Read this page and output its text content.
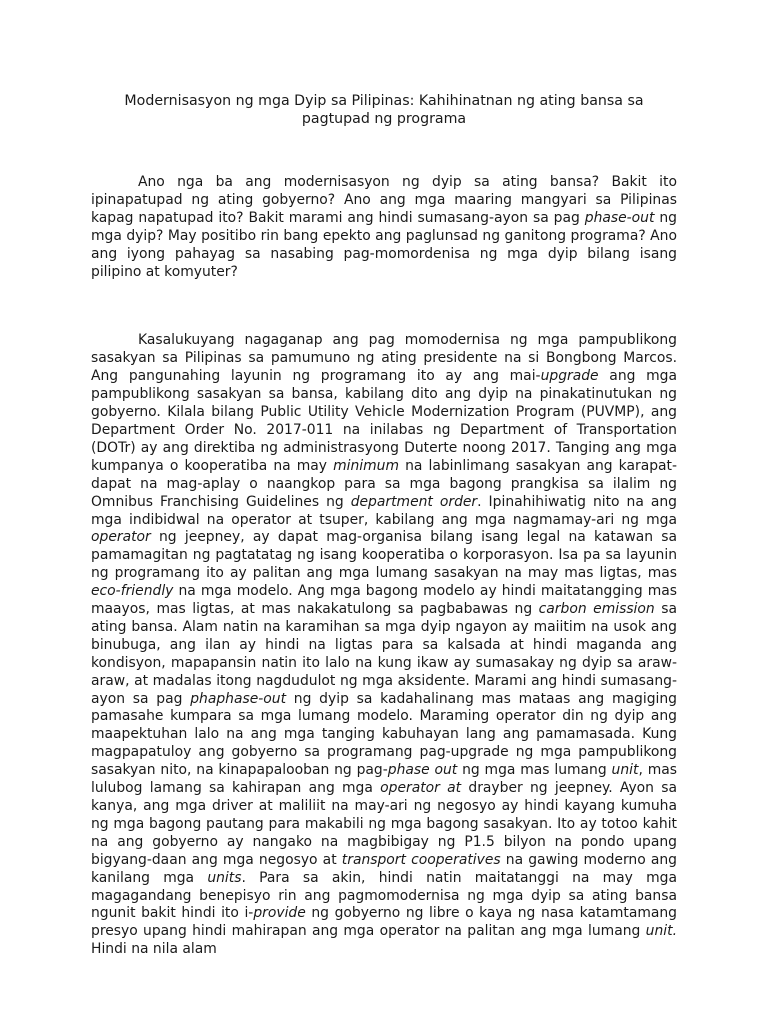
Modernisasyon ng mga Dyip sa Pilipinas: Kahihinatnan ng ating bansa sa pagtupad ng programa

Ano nga ba ang modernisasyon ng dyip sa ating bansa? Bakit ito ipinapatupad ng ating gobyerno? Ano ang mga maaring mangyari sa Pilipinas kapag napatupad ito? Bakit marami ang hindi sumasang-ayon sa pag phase-out ng mga dyip? May positibo rin bang epekto ang paglunsad ng ganitong programa? Ano ang iyong pahayag sa nasabing pag-momordenisa ng mga dyip bilang isang pilipino at komyuter?

Kasalukuyang nagaganap ang pag momodernisa ng mga pampublikong sasakyan sa Pilipinas sa pamumuno ng ating presidente na si Bongbong Marcos. Ang pangunahing layunin ng programang ito ay ang mai-upgrade ang mga pampublikong sasakyan sa bansa, kabilang dito ang dyip na pinakatinutukan ng gobyerno. Kilala bilang Public Utility Vehicle Modernization Program (PUVMP), ang Department Order No. 2017-011 na inilabas ng Department of Transportation (DOTr) ay ang direktiba ng administrasyong Duterte noong 2017. Tanging ang mga kumpanya o kooperatiba na may minimum na labinlimang sasakyan ang karapat-dapat na mag-aplay o naangkop para sa mga bagong prangkisa sa ilalim ng Omnibus Franchising Guidelines ng department order. Ipinahihiwatig nito na ang mga indibidwal na operator at tsuper, kabilang ang mga nagmamay-ari ng mga operator ng jeepney, ay dapat mag-organisa bilang isang legal na katawan sa pamamagitan ng pagtatatag ng isang kooperatiba o korporasyon. Isa pa sa layunin ng programang ito ay palitan ang mga lumang sasakyan na may mas ligtas, mas eco-friendly na mga modelo. Ang mga bagong modelo ay hindi maitatangging mas maayos, mas ligtas, at mas nakakatulong sa pagbabawas ng carbon emission sa ating bansa. Alam natin na karamihan sa mga dyip ngayon ay maiitim na usok ang binubuga, ang ilan ay hindi na ligtas para sa kalsada at hindi maganda ang kondisyon, mapapansin natin ito lalo na kung ikaw ay sumasakay ng dyip sa araw-araw, at madalas itong nagdudulot ng mga aksidente. Marami ang hindi sumasang-ayon sa pag phaphase-out ng dyip sa kadahalinang mas mataas ang magiging pamasahe kumpara sa mga lumang modelo. Maraming operator din ng dyip ang maapektuhan lalo na ang mga tanging kabuhayan lang ang pamamasada. Kung magpapatuloy ang gobyerno sa programang pag-upgrade ng mga pampublikong sasakyan nito, na kinapapalooban ng pag-phase out ng mga mas lumang unit, mas lulubog lamang sa kahirapan ang mga operator at drayber ng jeepney. Ayon sa kanya, ang mga driver at maliliit na may-ari ng negosyo ay hindi kayang kumuha ng mga bagong pautang para makabili ng mga bagong sasakyan. Ito ay totoo kahit na ang gobyerno ay nangako na magbibigay ng P1.5 bilyon na pondo upang bigyang-daan ang mga negosyo at transport cooperatives na gawing moderno ang kanilang mga units. Para sa akin, hindi natin maitatanggi na may mga magagandang benepisyo rin ang pagmomodernisa ng mga dyip sa ating bansa ngunit bakit hindi ito i-provide ng gobyerno ng libre o kaya ng nasa katamtamang presyo upang hindi mahirapan ang mga operator na palitan ang mga lumang unit. Hindi na nila alam
